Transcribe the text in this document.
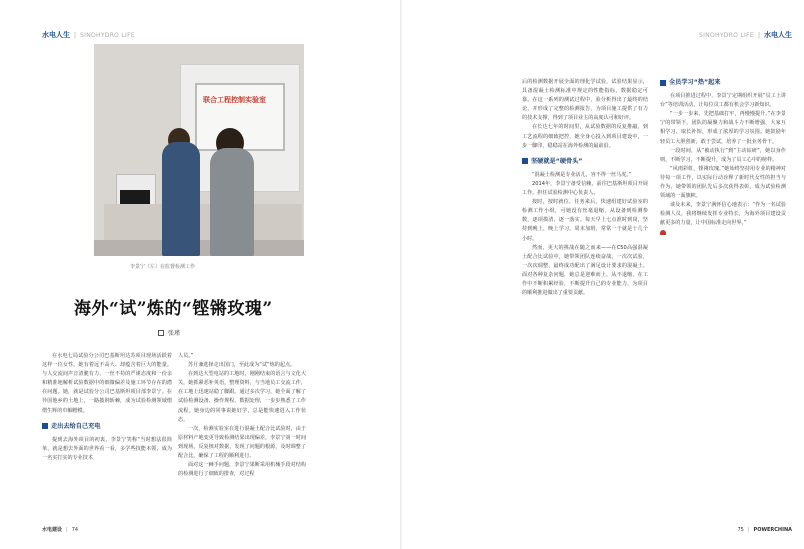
水电人生 | SINOHYDRO LIFE
联合工程控制实验室
李景宁（左）在监督检测工作
海外“试”炼的“铿锵玫瑰”
张瑾

在水电七局试验分公司巴基斯坦达苏项目现场活跃着这样一位女性，她有着远不高大、却蕴含着巨大的能量。与人交流间声音清脆有力，一丝不苟的严谨态度和一份亲和精准地解析试验数据中的细微偏差及施工环节存在的潜在问题。她，就是试验分公司巴基斯坦项目部李景宁。在异国他乡的土地上，一路披荆斩棘，成为试验检测领域熠熠生辉的巾帼楷模。

走出去给自己充电

提到去海外项目的初衷，李景宁笑称“当时想法很简单，就是想去外面的世界看一看，多学些技能本领，成为一名实打实的专业技术

人员。”

苏月兼选择走出国门，至此成为“试”炼的起点。

在到达大型电站的工地时，刚刚结束的语言与文化大关，她抓紧恶补英语，整理资料，与当地员工交流工作，在工地上迅速站稳了脚跟。通过多次学习，她全面了解了试验检测设备、操作规程、数据处理，一步步熟悉了工作流程。她身边的同事说她好学，总是能快速进入工作状态。

一次，检测实验室在进行混凝土配合比试验时，由于原材料产地变更导致检测结果出现偏差。李景宁第一时间到现场，反复核对数据，发现了问题的根源，及时调整了配合比，确保了工程的顺利进行。

面对这一棘手问题，李景宁果断采用机械手段对结构的检测进行了细致的排查，对过程

水电建设 | 74
SINOHYDRO LIFE | 水电人生

后的检测数据开展全面的理化学试验，试验结果显示，具备混凝土检测标准中规定的性能指标，数据稳定可靠。在这一系列的测试过程中，验分析得出了最终的结论，并形成了完整的检测报告，为项目施工提供了有力的技术支撑，得到了项目业主的高度认可和好评。

在长达七年的时间里，从试验数据的反复推敲，到工艺流程的细致把控，她全身心投入到项目建设中，一步一脚印，稳稳站在海外检测的最前沿。

坚硬就是“硬骨头”

“混凝土检测是专业活儿，容不得一丝马虎。”

2014年，李景宁备受信赖，前往巴基斯坦项目开展工作。担任试验检测中心负责人。

按时，按时就位，任务来后，快速组建好试验室的检测工作小组，可她没有丝毫退缩，从设备到检测参数，逐项摸清，逐一落实。每天早上七点准时到岗，坚持到晚上，晚上学习，周末加班，常常一干就是十几个小时。

然而，更大的挑战在随之而来——在C50高强混凝土配合比试验中，她带领团队连续奋战，一次次试验，一次次调整，最终成功配出了满足设计要求的混凝土。面对各种复杂问题，她总是迎难而上，从不退缩，在工作中不断积累经验，不断提升自己的专业能力，为项目的顺利推进做出了重要贡献。

全员学习“热”起来

在项目推进过程中，李景宁定期组织开展“员工上讲台”等培训活动，让每位员工都有机会学习新知识。

“一步一步来，先把基础打牢，再慢慢提升。”在李景宁的带领下，团队的凝聚力和战斗力不断增强，大家互相学习、取长补短，形成了浓厚的学习氛围。她鼓励年轻员工大胆创新，敢于尝试，培养了一批业务骨干。

一段时间，从“被动执行”到“主动钻研”，她以身作则，不断学习，不断提升，成为了员工心中的榜样。

“风雨彩虹，铿锵玫瑰。”她始终坚持用专业的精神对待每一项工作，以实际行动诠释了新时代女性的担当与作为，她带领的团队先后多次获得表彰，成为试验检测领域的一面旗帜。

谈及未来，李景宁满怀信心地表示：“作为一名试验检测人员，我将继续发挥专业特长，为海外项目建设贡献更多的力量，让中国标准走向世界。”

75 | POWERCHINA
